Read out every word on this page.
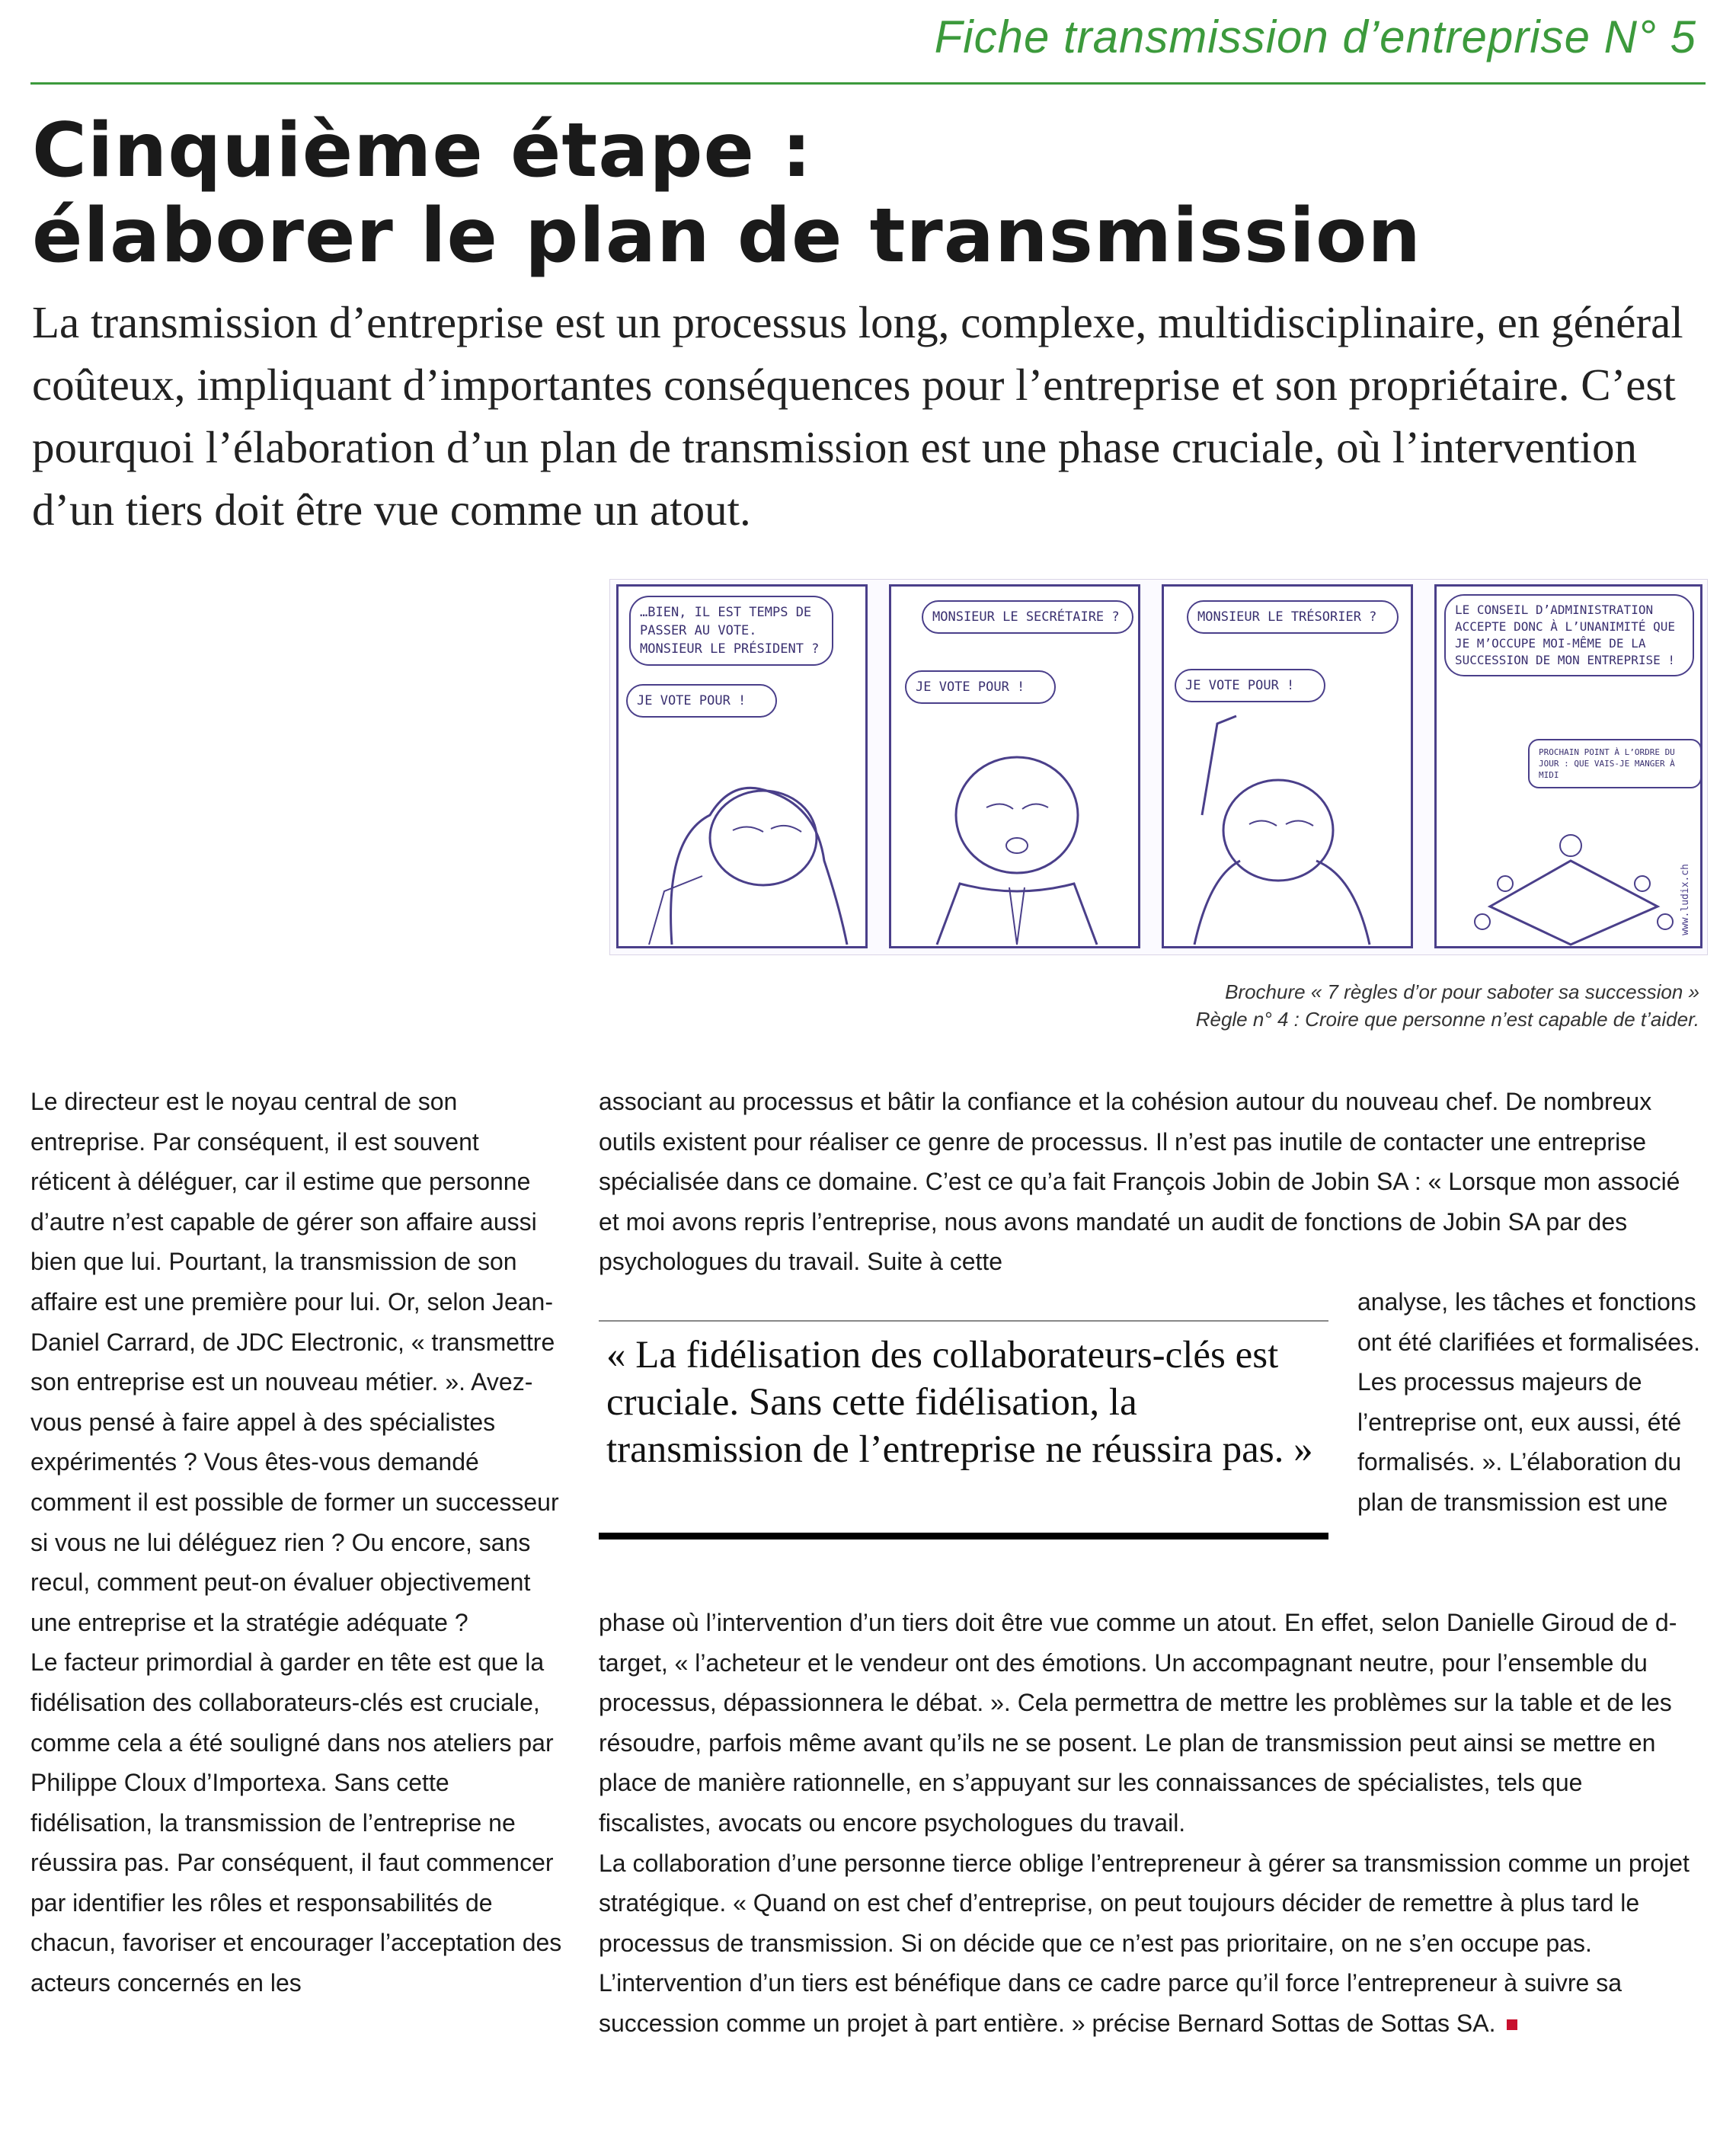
Fiche transmission d’entreprise N° 5
Cinquième étape :
élaborer le plan de transmission

La transmission d’entreprise est un processus long, complexe, multidisciplinaire, en général coûteux, impliquant d’importantes conséquences pour l’entreprise et son propriétaire. C’est pourquoi l’élaboration d’un plan de transmission est une phase cruciale, où l’intervention d’un tiers doit être vue comme un atout.

…BIEN, IL EST TEMPS DE PASSER AU VOTE. MONSIEUR LE PRÉSIDENT ?
JE VOTE POUR !
MONSIEUR LE SECRÉTAIRE ?
JE VOTE POUR !
MONSIEUR LE TRÉSORIER ?
JE VOTE POUR !
LE CONSEIL D’ADMINISTRATION ACCEPTE DONC À L’UNANIMITÉ QUE JE M’OCCUPE MOI-MÊME DE LA SUCCESSION DE MON ENTREPRISE !
PROCHAIN POINT À L’ORDRE DU JOUR : QUE VAIS-JE MANGER À MIDI
www.ludix.ch
Brochure « 7 règles d’or pour saboter sa succession »
Règle n° 4 : Croire que personne n’est capable de t’aider.

Le directeur est le noyau central de son entreprise. Par conséquent, il est souvent réticent à déléguer, car il estime que personne d’autre n’est capable de gérer son affaire aussi bien que lui. Pourtant, la transmission de son affaire est une première pour lui. Or, selon Jean-Daniel Carrard, de JDC Electronic, « transmettre son entreprise est un nouveau métier. ». Avez-vous pensé à faire appel à des spécialistes expérimentés ? Vous êtes-vous demandé comment il est possible de former un successeur si vous ne lui déléguez rien ? Ou encore, sans recul, comment peut-on évaluer objectivement une entreprise et la stratégie adéquate ?

Le facteur primordial à garder en tête est que la fidélisation des collaborateurs-clés est cruciale, comme cela a été souligné dans nos ateliers par Philippe Cloux d’Importexa. Sans cette fidélisation, la transmission de l’entreprise ne réussira pas. Par conséquent, il faut commencer par identifier les rôles et responsabilités de chacun, favoriser et encourager l’acceptation des acteurs concernés en les

associant au processus et bâtir la confiance et la cohésion autour du nouveau chef. De nombreux outils existent pour réaliser ce genre de processus. Il n’est pas inutile de contacter une entreprise spécialisée dans ce domaine. C’est ce qu’a fait François Jobin de Jobin SA : « Lorsque mon associé et moi avons repris l’entreprise, nous avons mandaté un audit de fonctions de Jobin SA par des psychologues du travail. Suite à cette

« La fidélisation des collaborateurs-clés est cruciale. Sans cette fidélisation, la transmission de l’entreprise ne réussira pas. »

analyse, les tâches et fonctions ont été clarifiées et formalisées. Les processus majeurs de l’entreprise ont, eux aussi, été formalisés. ». L’élaboration du plan de transmission est une

phase où l’intervention d’un tiers doit être vue comme un atout. En effet, selon Danielle Giroud de d-target, « l’acheteur et le vendeur ont des émotions. Un accompagnant neutre, pour l’ensemble du processus, dépassionnera le débat. ». Cela permettra de mettre les problèmes sur la table et de les résoudre, parfois même avant qu’ils ne se posent. Le plan de transmission peut ainsi se mettre en place de manière rationnelle, en s’appuyant sur les connaissances de spécialistes, tels que fiscalistes, avocats ou encore psychologues du travail.

La collaboration d’une personne tierce oblige l’entrepreneur à gérer sa transmission comme un projet stratégique. « Quand on est chef d’entreprise, on peut toujours décider de remettre à plus tard le processus de transmission. Si on décide que ce n’est pas prioritaire, on ne s’en occupe pas. L’intervention d’un tiers est bénéfique dans ce cadre parce qu’il force l’entrepreneur à suivre sa succession comme un projet à part entière. » précise Bernard Sottas de Sottas SA.
